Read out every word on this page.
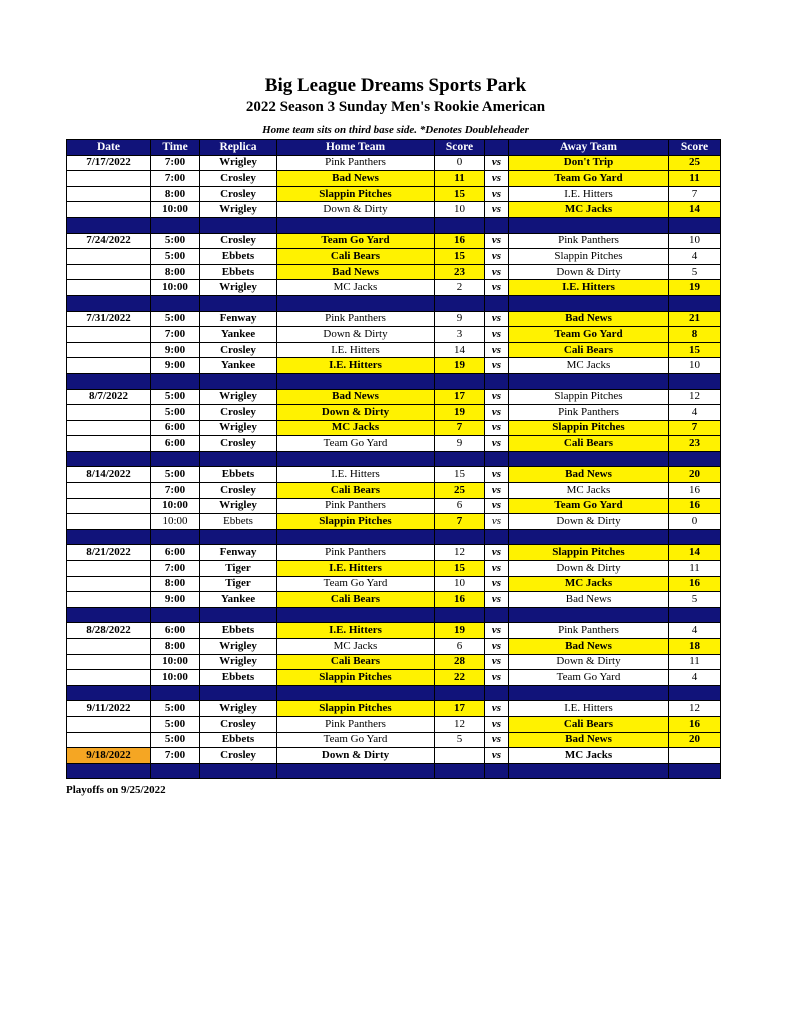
Big League Dreams Sports Park
2022 Season 3 Sunday Men's Rookie American
Home team sits on third base side. *Denotes Doubleheader
Date	Time	Replica	Home Team	Score		Away Team	Score
7/17/2022	7:00	Wrigley	Pink Panthers	0	vs	Don't Trip	25
	7:00	Crosley	Bad News	11	vs	Team Go Yard	11
	8:00	Crosley	Slappin Pitches	15	vs	I.E. Hitters	7
	10:00	Wrigley	Down & Dirty	10	vs	MC Jacks	14

7/24/2022	5:00	Crosley	Team Go Yard	16	vs	Pink Panthers	10
	5:00	Ebbets	Cali Bears	15	vs	Slappin Pitches	4
	8:00	Ebbets	Bad News	23	vs	Down & Dirty	5
	10:00	Wrigley	MC Jacks	2	vs	I.E. Hitters	19

7/31/2022	5:00	Fenway	Pink Panthers	9	vs	Bad News	21
	7:00	Yankee	Down & Dirty	3	vs	Team Go Yard	8
	9:00	Crosley	I.E. Hitters	14	vs	Cali Bears	15
	9:00	Yankee	I.E. Hitters	19	vs	MC Jacks	10

8/7/2022	5:00	Wrigley	Bad News	17	vs	Slappin Pitches	12
	5:00	Crosley	Down & Dirty	19	vs	Pink Panthers	4
	6:00	Wrigley	MC Jacks	7	vs	Slappin Pitches	7
	6:00	Crosley	Team Go Yard	9	vs	Cali Bears	23

8/14/2022	5:00	Ebbets	I.E. Hitters	15	vs	Bad News	20
	7:00	Crosley	Cali Bears	25	vs	MC Jacks	16
	10:00	Wrigley	Pink Panthers	6	vs	Team Go Yard	16
	10:00	Ebbets	Slappin Pitches	7	vs	Down & Dirty	0

8/21/2022	6:00	Fenway	Pink Panthers	12	vs	Slappin Pitches	14
	7:00	Tiger	I.E. Hitters	15	vs	Down & Dirty	11
	8:00	Tiger	Team Go Yard	10	vs	MC Jacks	16
	9:00	Yankee	Cali Bears	16	vs	Bad News	5

8/28/2022	6:00	Ebbets	I.E. Hitters	19	vs	Pink Panthers	4
	8:00	Wrigley	MC Jacks	6	vs	Bad News	18
	10:00	Wrigley	Cali Bears	28	vs	Down & Dirty	11
	10:00	Ebbets	Slappin Pitches	22	vs	Team Go Yard	4

9/11/2022	5:00	Wrigley	Slappin Pitches	17	vs	I.E. Hitters	12
	5:00	Crosley	Pink Panthers	12	vs	Cali Bears	16
	5:00	Ebbets	Team Go Yard	5	vs	Bad News	20
9/18/2022	7:00	Crosley	Down & Dirty		vs	MC Jacks	

Playoffs on 9/25/2022
